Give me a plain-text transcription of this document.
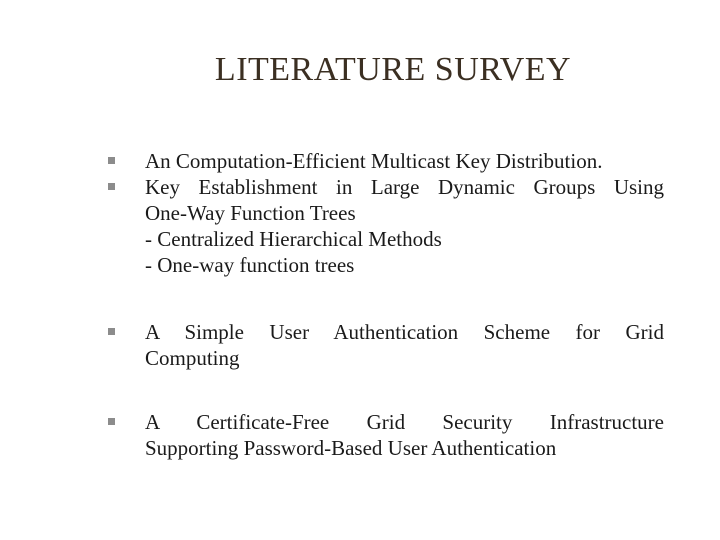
LITERATURE SURVEY
An Computation-Efficient Multicast Key Distribution.
Key Establishment in Large Dynamic Groups Using
One-Way Function Trees
- Centralized Hierarchical Methods
- One-way function trees
A Simple User Authentication Scheme for Grid
Computing
A Certificate-Free Grid Security Infrastructure
Supporting Password-Based User Authentication
